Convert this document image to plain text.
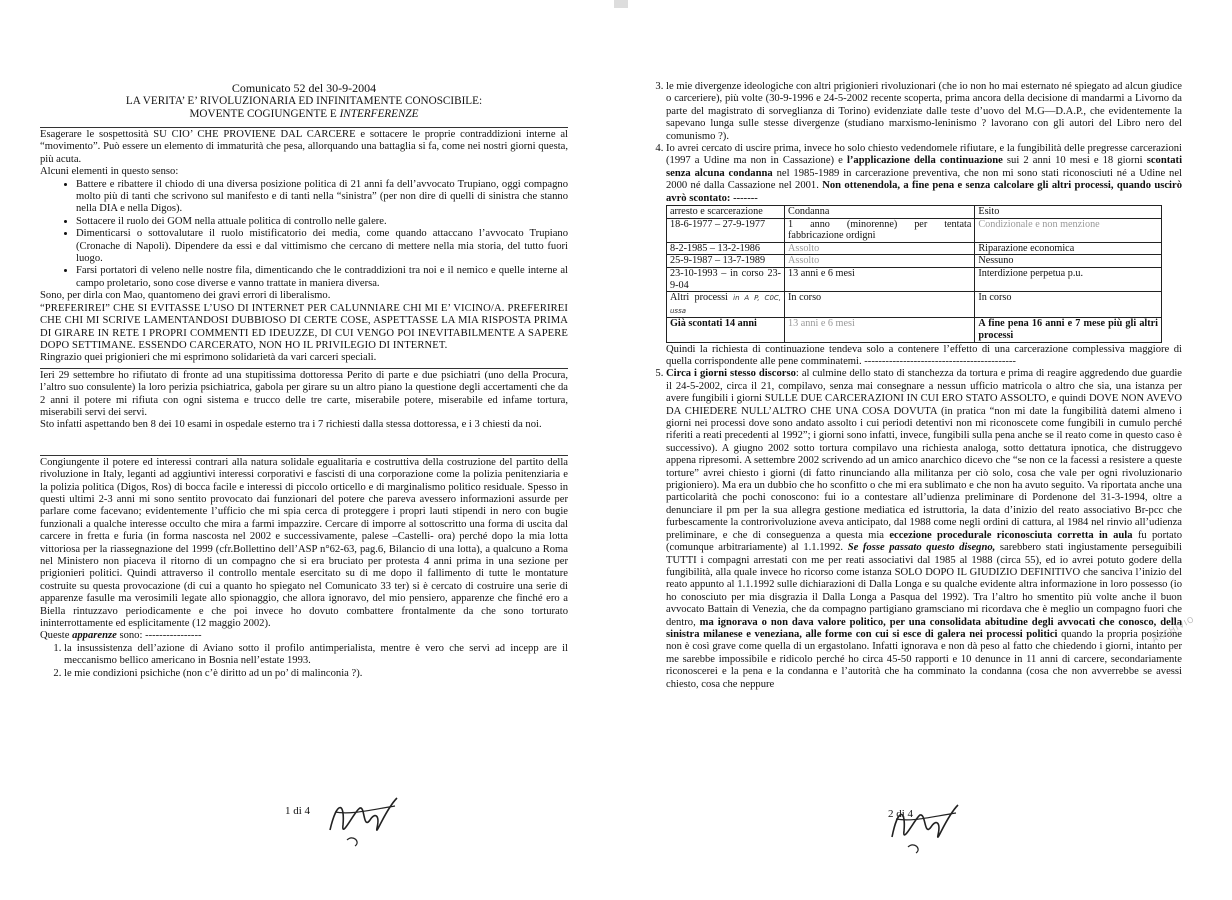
Comunicato 52 del 30-9-2004
LA VERITA’ E’ RIVOLUZIONARIA ED INFINITAMENTE CONOSCIBILE:
MOVENTE COGIUNGENTE E INTERFERENZE

Esagerare le sospettosità SU CIO’ CHE PROVIENE DAL CARCERE e sottacere le proprie contraddizioni interne al “movimento”. Può essere un elemento di immaturità che pesa, allorquando una battaglia si fa, come nei nostri giorni questa, più acuta.

Alcuni elementi in questo senso:

• Battere e ribattere il chiodo di una diversa posizione politica di 21 anni fa dell’avvocato Trupiano, oggi compagno molto più di tanti che scrivono sul manifesto e di tanti nella “sinistra” (per non dire di quelli di sinistra che stanno nella DIA e nella Digos).
• Sottacere il ruolo dei GOM nella attuale politica di controllo nelle galere.
• Dimenticarsi o sottovalutare il ruolo mistificatorio dei media, come quando attaccano l’avvocato Trupiano (Cronache di Napoli). Dipendere da essi e dal vittimismo che cercano di mettere nella mia storia, del tutto fuori luogo.
• Farsi portatori di veleno nelle nostre fila, dimenticando che le contraddizioni tra noi e il nemico e quelle interne al campo proletario, sono cose diverse e vanno trattate in maniera diversa.

Sono, per dirla con Mao, quantomeno dei gravi errori di liberalismo.

“PREFERIREI” CHE SI EVITASSE L’USO DI INTERNET PER CALUNNIARE CHI MI E’ VICINO/A. PREFERIREI CHE CHI MI SCRIVE LAMENTANDOSI DUBBIOSO DI CERTE COSE, ASPETTASSE LA MIA RISPOSTA PRIMA DI GIRARE IN RETE I PROPRI COMMENTI ED IDEUZZE, DI CUI VENGO POI INEVITABILMENTE A SAPERE DOPO SETTIMANE. ESSENDO CARCERATO, NON HO IL PRIVILEGIO DI INTERNET.

Ringrazio quei prigionieri che mi esprimono solidarietà da vari carceri speciali.

Ieri 29 settembre ho rifiutato di fronte ad una stupitissima dottoressa Perito di parte e due psichiatri (uno della Procura, l’altro suo consulente) la loro perizia psichiatrica, gabola per girare su un altro piano la questione degli accertamenti che da 2 anni il potere mi rifiuta con ogni sistema e trucco delle tre carte, miserabile potere, miserabile ed infame tortura, miserabili servi dei servi.

Sto infatti aspettando ben 8 dei 10 esami in ospedale esterno tra i 7 richiesti dalla stessa dottoressa, e i 3 chiesti da noi.

Congiungente il potere ed interessi contrari alla natura solidale egualitaria e costruttiva della costruzione del partito della rivoluzione in Italy, leganti ad aggiuntivi interessi corporativi e fascisti di una corporazione come la polizia penitenziaria e la polizia politica (Digos, Ros) di bocca facile e interessi di piccolo orticello e di marginalismo politico residuale. Spesso in questi ultimi 2-3 anni mi sono sentito provocato dai funzionari del potere che pareva avessero informazioni assurde per parlare come facevano; evidentemente l’ufficio che mi spia cerca di proteggere i propri lauti stipendi in nero con bugie funzionali a qualche interesse occulto che mira a farmi impazzire. Cercare di imporre al sottoscritto una forma di uscita dal carcere in fretta e furia (in forma nascosta nel 2002 e successivamente, palese –Castelli- ora) perché dopo la mia lotta vittoriosa per la riassegnazione del 1999 (cfr.Bollettino dell’ASP n°62-63, pag.6, Bilancio di una lotta), a qualcuno a Roma nel Ministero non piaceva il ritorno di un compagno che si era bruciato per protesta 4 anni prima in una sezione per prigionieri politici. Quindi attraverso il controllo mentale esercitato su di me dopo il fallimento di tutte le montature costruite su questa provocazione (di cui a quanto ho spiegato nel Comunicato 33 ter) si è cercato di costruire una serie di apparenze fasulle ma verosimili legate allo spionaggio, che allora ignoravo, del mio pensiero, apparenze che finché ero a Biella rintuzzavo periodicamente e che poi invece ho dovuto combattere frontalmente da che sono torturato ininterrottamente ed esplicitamente (12 maggio 2002).

Queste apparenze sono: ----------------

1. la insussistenza dell’azione di Aviano sotto il profilo antimperialista, mentre è vero che servì ad incepp are il meccanismo bellico americano in Bosnia nell’estate 1993.
2. le mie condizioni psichiche (non c’è diritto ad un po’ di malinconia ?).
1 di 4
3. le mie divergenze ideologiche con altri prigionieri rivoluzionari (che io non ho mai esternato né spiegato ad alcun giudice o carceriere), più volte (30-9-1996 e 24-5-2002 recente scoperta, prima ancora della decisione di mandarmi a Livorno da parte del magistrato di sorveglianza di Torino) evidenziate dalle teste d’uovo del M.G—D.A.P., che evidentemente la sapevano lunga sulle stesse divergenze (studiano marxismo-leninismo ? lavorano con gli autori del Libro nero del comunismo ?).
4. Io avrei cercato di uscire prima, invece ho solo chiesto vedendomele rifiutare, e la fungibilità delle pregresse carcerazioni (1997 a Udine ma non in Cassazione) e l’applicazione della continuazione sui 2 anni 10 mesi e 18 giorni scontati senza alcuna condanna nel 1985-1989 in carcerazione preventiva, che non mi sono stati riconosciuti né a Udine nel 2000 né dalla Cassazione nel 2001. Non ottenendola, a fine pena e senza calcolare gli altri processi, quando uscirò avrò scontato: -------
arresto e scarcerazione	Condanna	Esito
18-6-1977 – 27-9-1977	1 anno (minorenne) per tentata fabbricazione ordigni	Condizionale e non menzione
8-2-1985 – 13-2-1986	Assolto	Riparazione economica
25-9-1987 – 13-7-1989	Assolto	Nessuno
23-10-1993 – in corso 23-9-04	13 anni e 6 mesi	Interdizione perpetua p.u.
Altri processi in A P, C0C, ussa	In corso	In corso
Già scontati 14 anni	13 anni e 6 mesi	A fine pena 16 anni e 7 mese più gli altri processi
Quindi la richiesta di continuazione tendeva solo a contenere l’effetto di una carcerazione complessiva maggiore di quella corrispondente alle pene comminatemi. -------------------------------------------
5. Circa i giorni stesso discorso: al culmine dello stato di stanchezza da tortura e prima di reagire aggredendo due guardie il 24-5-2002, circa il 21, compilavo, senza mai consegnare a nessun ufficio matricola o altro che sia, una istanza per avere fungibili i giorni SULLE DUE CARCERAZIONI IN CUI ERO STATO ASSOLTO, e quindi DOVE NON AVEVO DA CHIEDERE NULL’ALTRO CHE UNA COSA DOVUTA (in pratica “non mi date la fungibilità datemi almeno i giorni nei processi dove sono andato assolto i cui periodi detentivi non mi riconoscete come fungibili in cumulo perché riferiti a reati precedenti al 1992”; i giorni sono infatti, invece, fungibili sulla pena anche se il reato come in questo caso è successivo). A giugno 2002 sotto tortura compilavo una richiesta analoga, sotto dettatura ipnotica, che distruggevo appena ripresomi. A settembre 2002 scrivendo ad un amico anarchico dicevo che “se non ce la facessi a resistere a queste torture” avrei chiesto i giorni (di fatto rinunciando alla militanza per ciò solo, cosa che vale per ogni rivoluzionario prigioniero). Ma era un dubbio che ho sconfitto o che mi era sublimato e che non ha avuto seguito. Va riportata anche una particolarità che pochi conoscono: fui io a contestare all’udienza preliminare di Pordenone del 31-3-1994, oltre a denunciare il pm per la sua allegra gestione mediatica ed istruttoria, la data d’inizio del reato associativo Br-pcc che furbescamente la controrivoluzione aveva anticipato, dal 1988 come negli ordini di cattura, al 1984 nel rinvio all’udienza preliminare, e che di conseguenza a questa mia eccezione procedurale riconosciuta corretta in aula fu portato (comunque arbitrariamente) al 1.1.1992. Se fosse passato questo disegno, sarebbero stati ingiustamente perseguibili TUTTI i compagni arrestati con me per reati associativi dal 1985 al 1988 (circa 55), ed io avrei potuto godere della fungibilità, alla quale invece ho ricorso come istanza SOLO DOPO IL GIUDIZIO DEFINITIVO che sancìva l’inizio del reato appunto al 1.1.1992 sulle dichiarazioni di Dalla Longa e su qualche evidente altra informazione in loro possesso (io ho conosciuto per mia disgrazia il Dalla Longa a Pasqua del 1992). Tra l’altro ho smentito più volte anche il buon avvocato Battain di Venezia, che da compagno partigiano gramsciano mi ricordava che è meglio un compagno fuori che dentro, ma ignorava o non dava valore politico, per una consolidata abitudine degli avvocati che conosco, della sinistra milanese e veneziana, alle forme con cui si esce di galera nei processi politici quando la propria posizione non è così grave come quella di un ergastolano. Infatti ignorava e non dà peso al fatto che chiedendo i giorni, intanto per me sarebbe impossibile e ridicolo perché ho circa 45-50 rapporti e 10 denunce in 11 anni di carcere, secondariamente riconoscerei e la pena e la condanna e l’autorità che ha comminato la condanna (cosa che non avverrebbe se avessi chiesto, cosa che neppure
2 di 4
ARCHIVIO
